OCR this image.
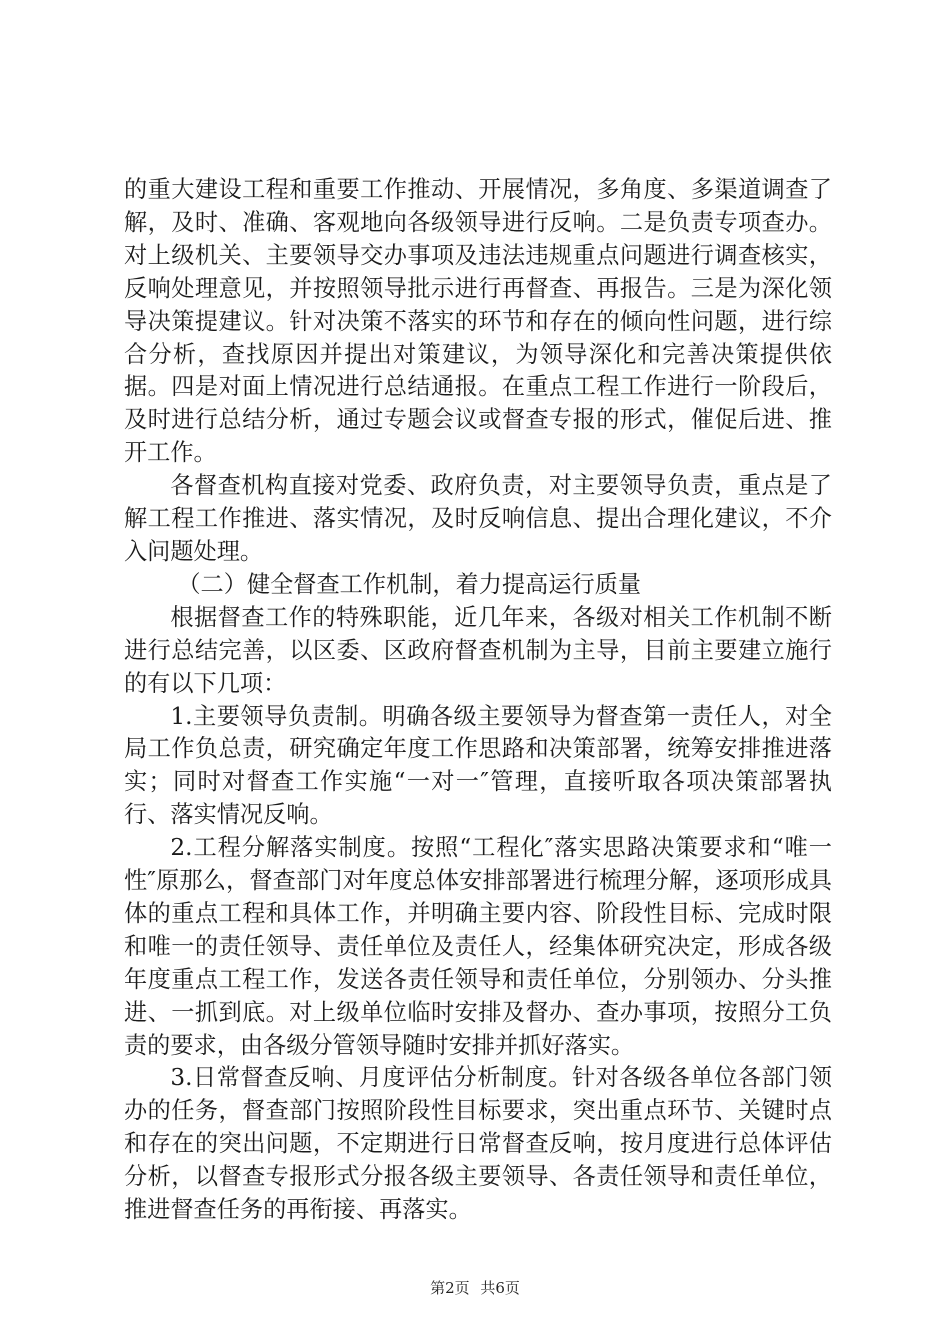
的重大建设工程和重要工作推动、开展情况，多角度、多渠道调查了解，及时、准确、客观地向各级领导进行反响。二是负责专项查办。对上级机关、主要领导交办事项及违法违规重点问题进行调查核实，反响处理意见，并按照领导批示进行再督查、再报告。三是为深化领导决策提建议。针对决策不落实的环节和存在的倾向性问题，进行综合分析，查找原因并提出对策建议，为领导深化和完善决策提供依据。四是对面上情况进行总结通报。在重点工程工作进行一阶段后，及时进行总结分析，通过专题会议或督查专报的形式，催促后进、推开工作。

各督查机构直接对党委、政府负责，对主要领导负责，重点是了解工程工作推进、落实情况，及时反响信息、提出合理化建议，不介入问题处理。

（二）健全督查工作机制，着力提高运行质量

根据督查工作的特殊职能，近几年来，各级对相关工作机制不断进行总结完善，以区委、区政府督查机制为主导，目前主要建立施行的有以下几项：

1.主要领导负责制。明确各级主要领导为督查第一责任人，对全局工作负总责，研究确定年度工作思路和决策部署，统筹安排推进落实；同时对督查工作实施“一对一″管理，直接听取各项决策部署执行、落实情况反响。

2.工程分解落实制度。按照“工程化″落实思路决策要求和“唯一性″原那么，督查部门对年度总体安排部署进行梳理分解，逐项形成具体的重点工程和具体工作，并明确主要内容、阶段性目标、完成时限和唯一的责任领导、责任单位及责任人，经集体研究决定，形成各级年度重点工程工作，发送各责任领导和责任单位，分别领办、分头推进、一抓到底。对上级单位临时安排及督办、查办事项，按照分工负责的要求，由各级分管领导随时安排并抓好落实。

3.日常督查反响、月度评估分析制度。针对各级各单位各部门领办的任务，督查部门按照阶段性目标要求，突出重点环节、关键时点和存在的突出问题，不定期进行日常督查反响，按月度进行总体评估分析，以督查专报形式分报各级主要领导、各责任领导和责任单位，推进督查任务的再衔接、再落实。

第2页 共6页
